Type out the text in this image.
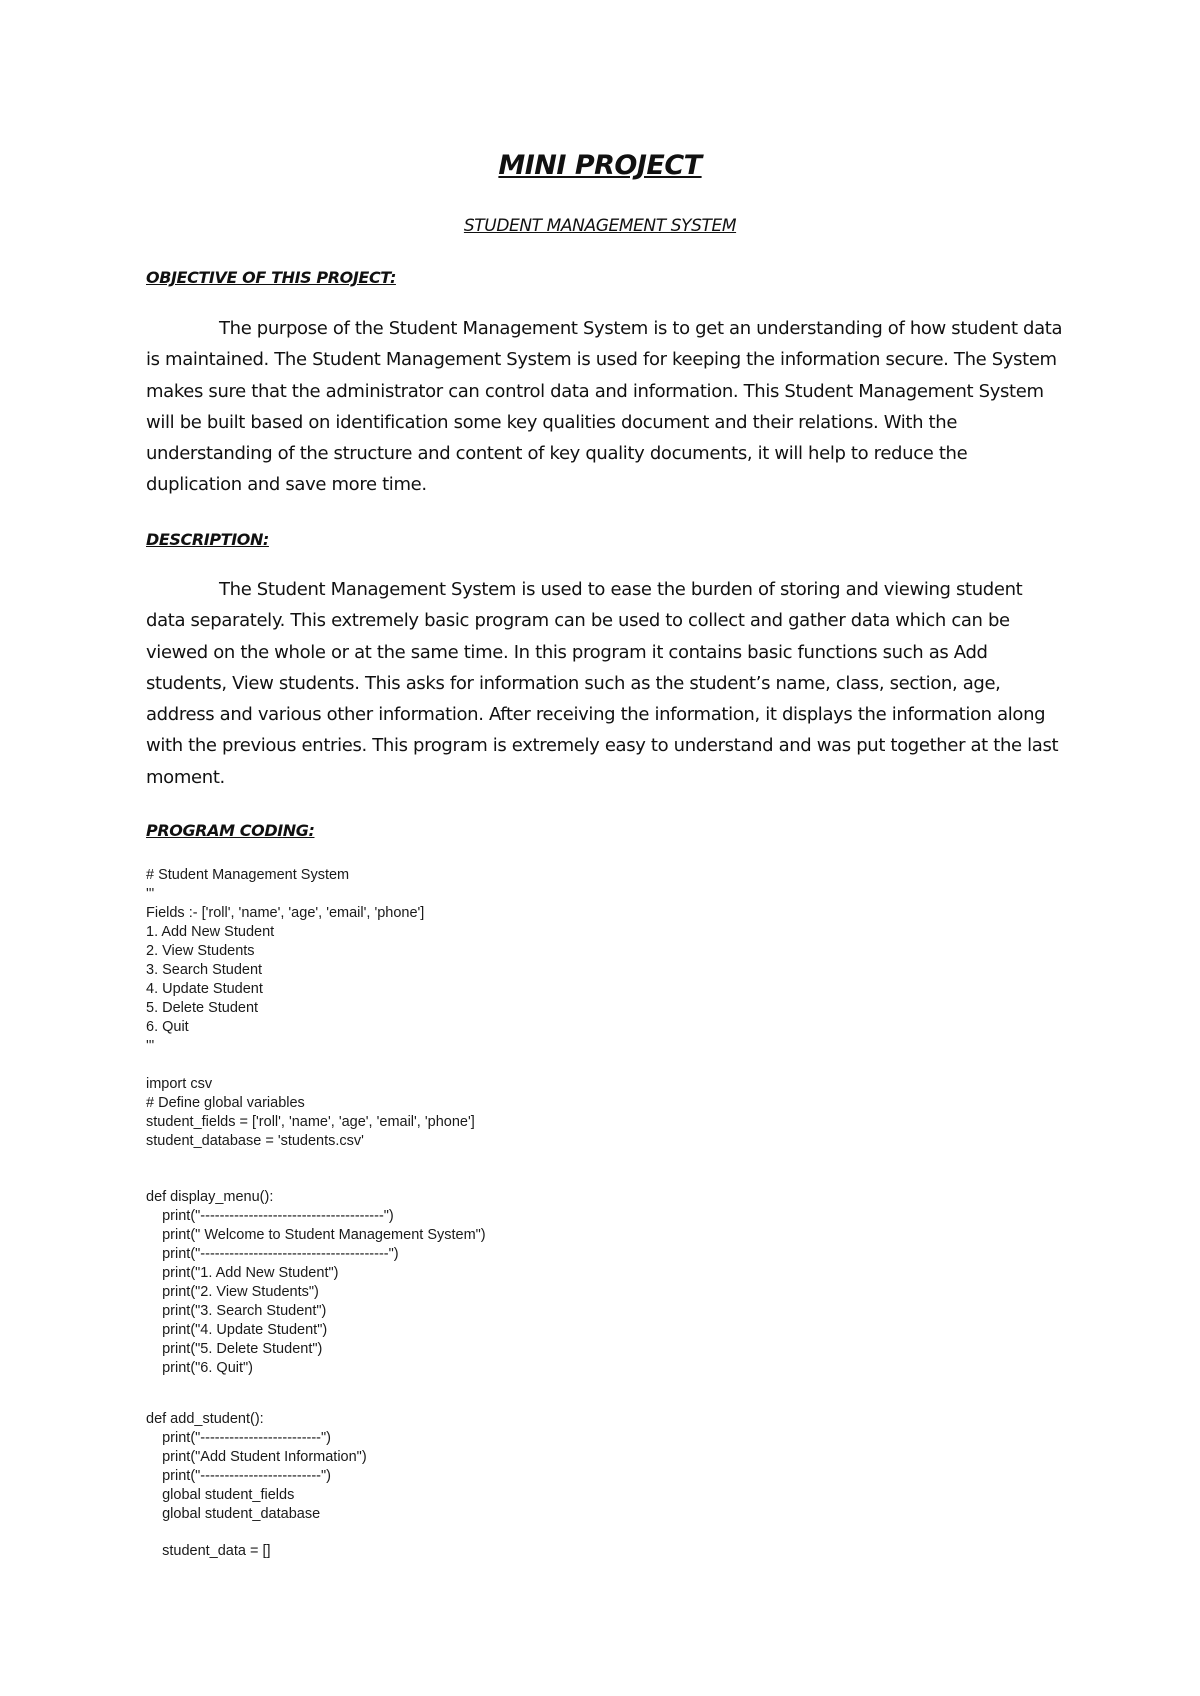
MINI PROJECT
STUDENT MANAGEMENT SYSTEM
OBJECTIVE OF THIS PROJECT:

The purpose of the Student Management System is to get an understanding of how student data is maintained. The Student Management System is used for keeping the information secure. The System makes sure that the administrator can control data and information. This Student Management System will be built based on identification some key qualities document and their relations. With the understanding of the structure and content of key quality documents, it will help to reduce the duplication and save more time.

DESCRIPTION:

The Student Management System is used to ease the burden of storing and viewing student data separately. This extremely basic program can be used to collect and gather data which can be viewed on the whole or at the same time. In this program it contains basic functions such as Add students, View students. This asks for information such as the student’s name, class, section, age, address and various other information. After receiving the information, it displays the information along with the previous entries. This program is extremely easy to understand and was put together at the last moment.

PROGRAM CODING:
# Student Management System
'''
Fields :- ['roll', 'name', 'age', 'email', 'phone']
1. Add New Student
2. View Students
3. Search Student
4. Update Student
5. Delete Student
6. Quit
'''
import csv
# Define global variables
student_fields = ['roll', 'name', 'age', 'email', 'phone']
student_database = 'students.csv'
def display_menu():
print("--------------------------------------")
print(" Welcome to Student Management System")
print("---------------------------------------")
print("1. Add New Student")
print("2. View Students")
print("3. Search Student")
print("4. Update Student")
print("5. Delete Student")
print("6. Quit")
def add_student():
print("-------------------------")
print("Add Student Information")
print("-------------------------")
global student_fields
global student_database
student_data = []
